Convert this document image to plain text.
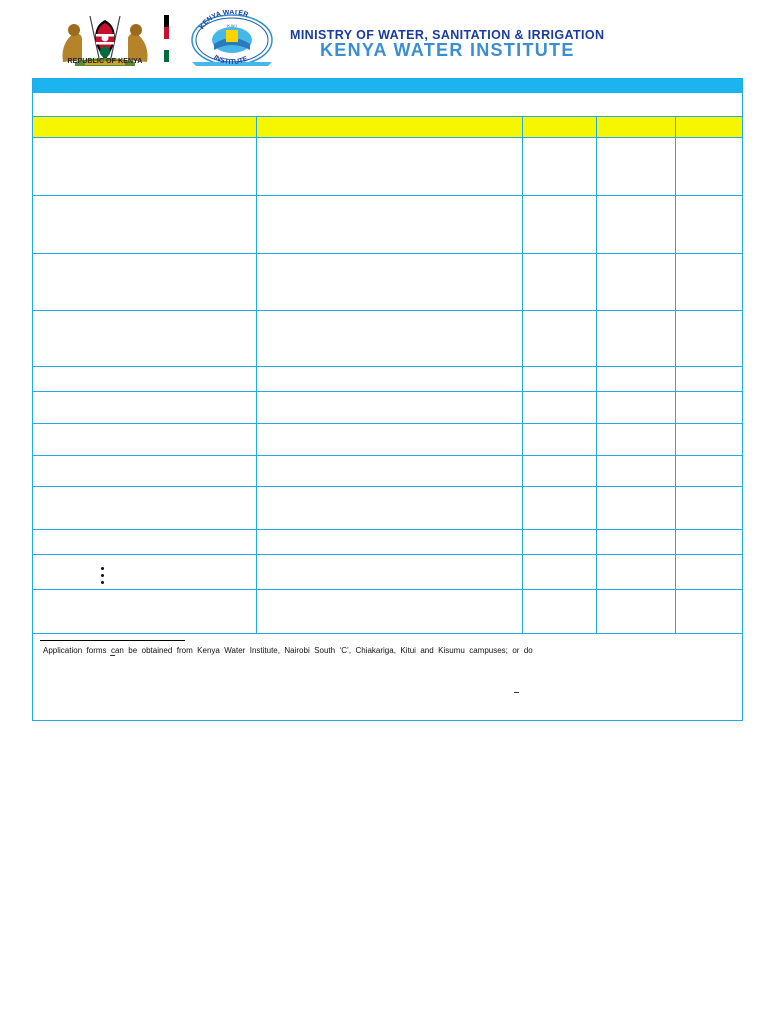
REPUBLIC OF KENYA
KENYA WATER
INSTITUTE
K.W.I
MINISTRY OF WATER, SANITATION & IRRIGATION
KENYA WATER INSTITUTE

Application forms can be obtained from Kenya Water Institute, Nairobi South ‘C’, Chiakariga, Kitui and Kisumu campuses; or do
